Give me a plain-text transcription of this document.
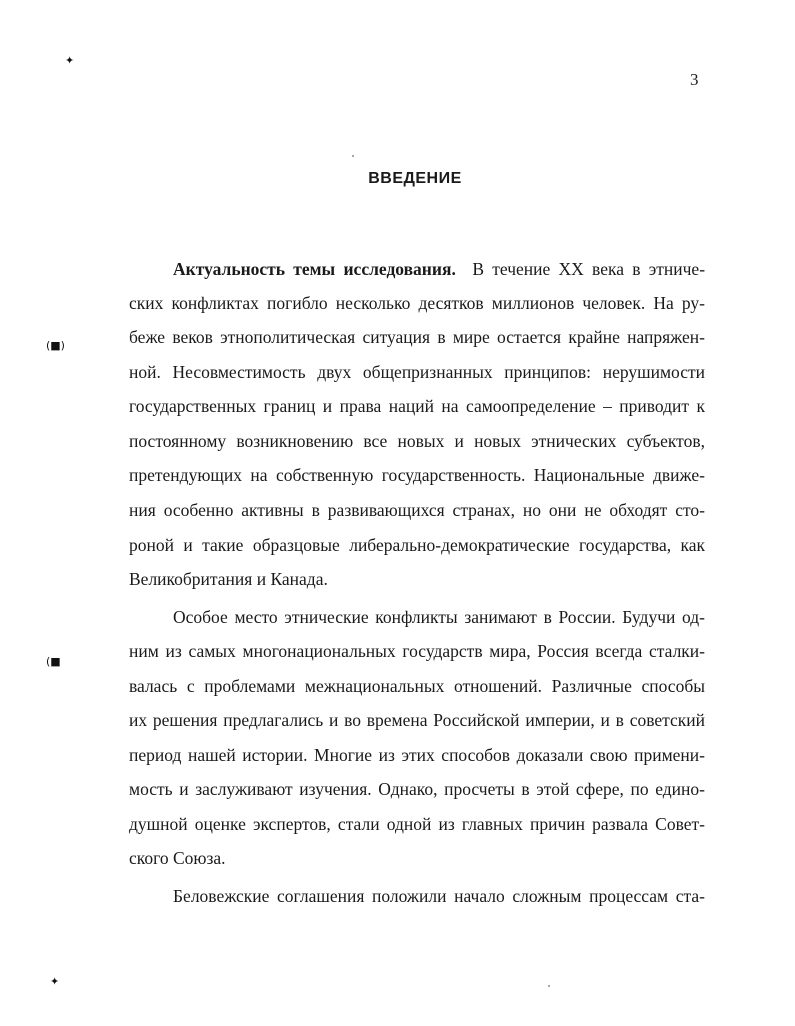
✦
(■)
(■
✦
3
ВВЕДЕНИЕ
Актуальность темы исследования. В течение XX века в этниче-
ских конфликтах погибло несколько десятков миллионов человек. На ру-
беже веков этнополитическая ситуация в мире остается крайне напряжен-
ной. Несовместимость двух общепризнанных принципов: нерушимости
государственных границ и права наций на самоопределение – приводит к
постоянному возникновению все новых и новых этнических субъектов,
претендующих на собственную государственность. Национальные движе-
ния особенно активны в развивающихся странах, но они не обходят сто-
роной и такие образцовые либерально-демократические государства, как
Великобритания и Канада.
Особое место этнические конфликты занимают в России. Будучи од-
ним из самых многонациональных государств мира, Россия всегда сталки-
валась с проблемами межнациональных отношений. Различные способы
их решения предлагались и во времена Российской империи, и в советский
период нашей истории. Многие из этих способов доказали свою примени-
мость и заслуживают изучения. Однако, просчеты в этой сфере, по едино-
душной оценке экспертов, стали одной из главных причин развала Совет-
ского Союза.
Беловежские соглашения положили начало сложным процессам ста-
